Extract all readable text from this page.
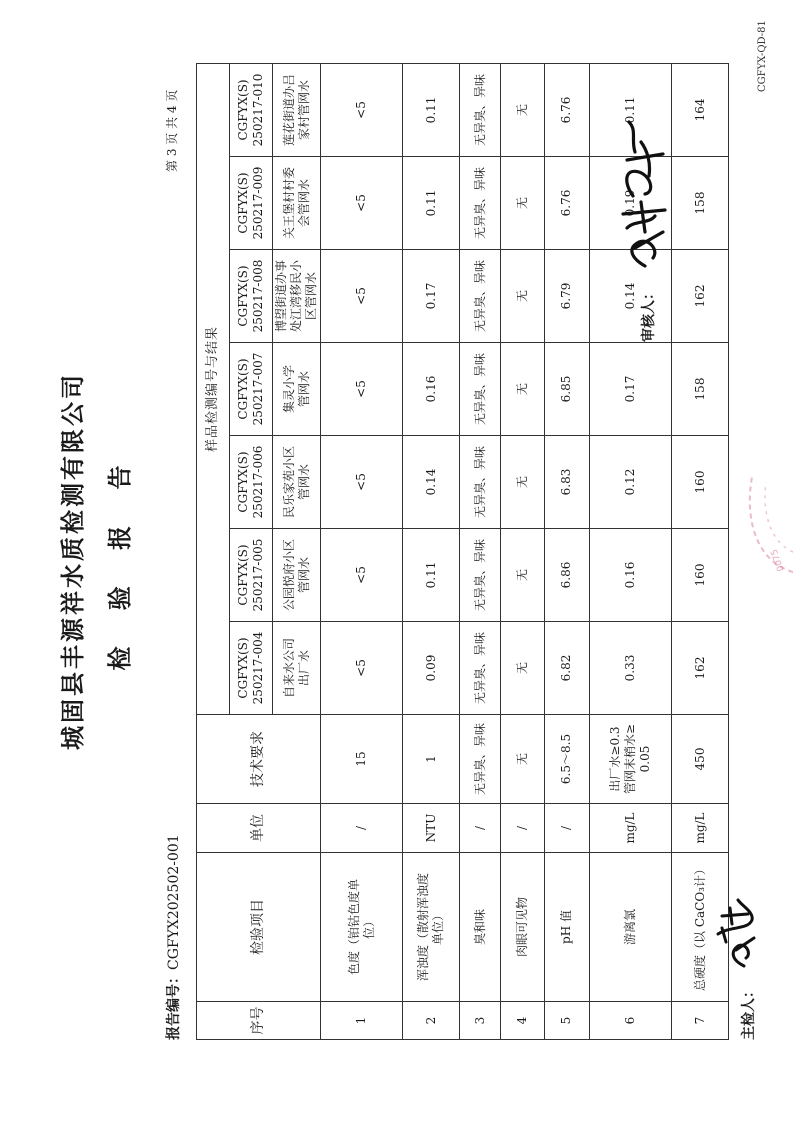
城固县丰源祥水质检测有限公司 检 验 报 告
报告编号：CGFYX202502-001
第 3 页 共 4 页
序号	检验项目	单位	技术要求	样品检测编号与结果						
				CGFYX(S)
250217-004	CGFYX(S)
250217-005	CGFYX(S)
250217-006	CGFYX(S)
250217-007	CGFYX(S)
250217-008	CGFYX(S)
250217-009	CGFYX(S)
250217-010
				自来水公司
出厂水	公园悦府小区
管网水	民乐家苑小区
管网水	集灵小学
管网水	博望街道办事
处江湾移民小
区管网水	关王堡村村委
会管网水	莲花街道办吕
家村管网水
1	色度（铂钴色度单
位）	/	15	<5	<5	<5	<5	<5	<5	<5
2	浑浊度（散射浑浊度
单位）	NTU	1	0.09	0.11	0.14	0.16	0.17	0.11	0.11
3	臭和味	/	无异臭、异味	无异臭、异味	无异臭、异味	无异臭、异味	无异臭、异味	无异臭、异味	无异臭、异味	无异臭、异味
4	肉眼可见物	/	无	无	无	无	无	无	无	无
5	pH 值	/	6.5～8.5	6.82	6.86	6.83	6.85	6.79	6.76	6.76
6	游离氯	mg/L	出厂水≥0.3
管网末梢水≥
0.05	0.33	0.16	0.12	0.17	0.14	0.19	0.11
7	总硬度（以 CaCO₃计）	mg/L	450	162	160	160	158	162	158	164
主检人：
审核人：
CGFYX-QD-81
0075
